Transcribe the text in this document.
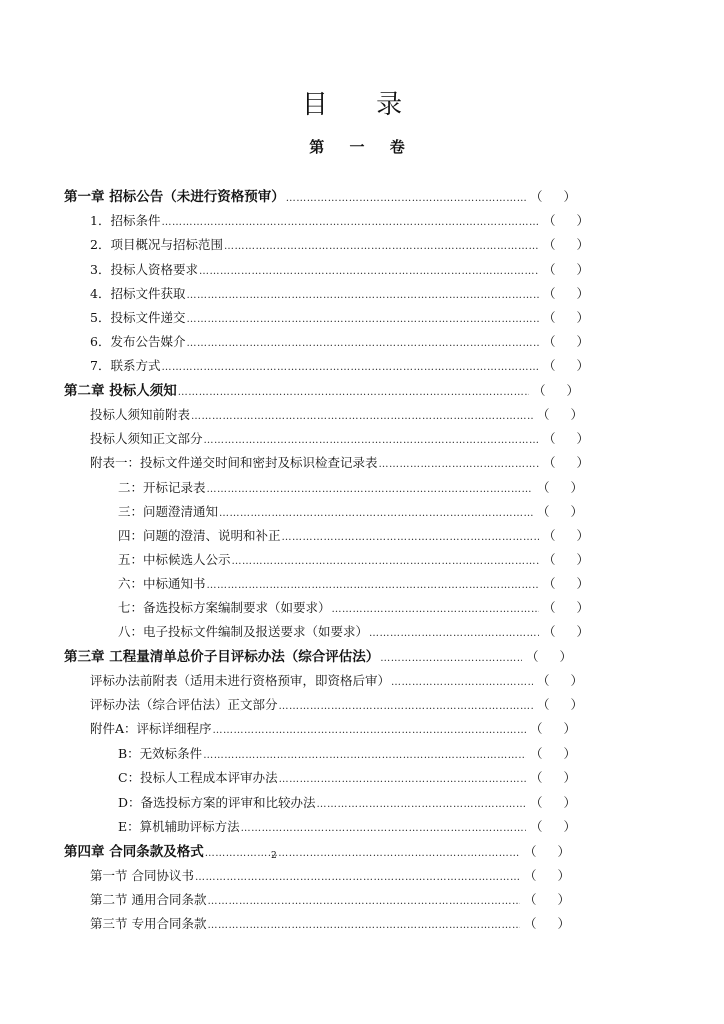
目 录
第 一 卷
第一章 招标公告（未进行资格预审） ……………………………………………………………………………………………………………………………………………………	（ ）
1．招标条件 ……………………………………………………………………………………………………………………………………………………	（ ）
2．项目概况与招标范围 ……………………………………………………………………………………………………………………………………………………	（ ）
3．投标人资格要求 ……………………………………………………………………………………………………………………………………………………	（ ）
4．招标文件获取 ……………………………………………………………………………………………………………………………………………………	（ ）
5．投标文件递交 ……………………………………………………………………………………………………………………………………………………	（ ）
6．发布公告媒介 ……………………………………………………………………………………………………………………………………………………	（ ）
7．联系方式 ……………………………………………………………………………………………………………………………………………………	（ ）
第二章 投标人须知 ……………………………………………………………………………………………………………………………………………………	（ ）
投标人须知前附表 ……………………………………………………………………………………………………………………………………………………	（ ）
投标人须知正文部分 ……………………………………………………………………………………………………………………………………………………	（ ）
附表一：投标文件递交时间和密封及标识检查记录表 ……………………………………………………………………………………………………………………………………………………	（ ）
二：开标记录表 ……………………………………………………………………………………………………………………………………………………	（ ）
三：问题澄清通知 ……………………………………………………………………………………………………………………………………………………	（ ）
四：问题的澄清、说明和补正 ……………………………………………………………………………………………………………………………………………………	（ ）
五：中标候选人公示 ……………………………………………………………………………………………………………………………………………………	（ ）
六：中标通知书 ……………………………………………………………………………………………………………………………………………………	（ ）
七：备选投标方案编制要求（如要求） ……………………………………………………………………………………………………………………………………………………	（ ）
八：电子投标文件编制及报送要求（如要求） ……………………………………………………………………………………………………………………………………………………	（ ）
第三章 工程量清单总价子目评标办法（综合评估法） ……………………………………………………………………………………………………………………………………………………	（ ）
评标办法前附表（适用未进行资格预审，即资格后审） ……………………………………………………………………………………………………………………………………………………	（ ）
评标办法（综合评估法）正文部分 ……………………………………………………………………………………………………………………………………………………	（ ）
附件A：评标详细程序 ……………………………………………………………………………………………………………………………………………………	（ ）
B：无效标条件 ……………………………………………………………………………………………………………………………………………………	（ ）
C：投标人工程成本评审办法 ……………………………………………………………………………………………………………………………………………………	（ ）
D：备选投标方案的评审和比较办法 ……………………………………………………………………………………………………………………………………………………	（ ）
E：算机辅助评标方法 ……………………………………………………………………………………………………………………………………………………	（ ）
第四章 合同条款及格式 ……………………………………………………………………………………………………………………………………………………	（ ）
第一节 合同协议书 ……………………………………………………………………………………………………………………………………………………	（ ）
第二节 通用合同条款 ……………………………………………………………………………………………………………………………………………………	（ ）
第三节 专用合同条款 ……………………………………………………………………………………………………………………………………………………	（ ）
2
